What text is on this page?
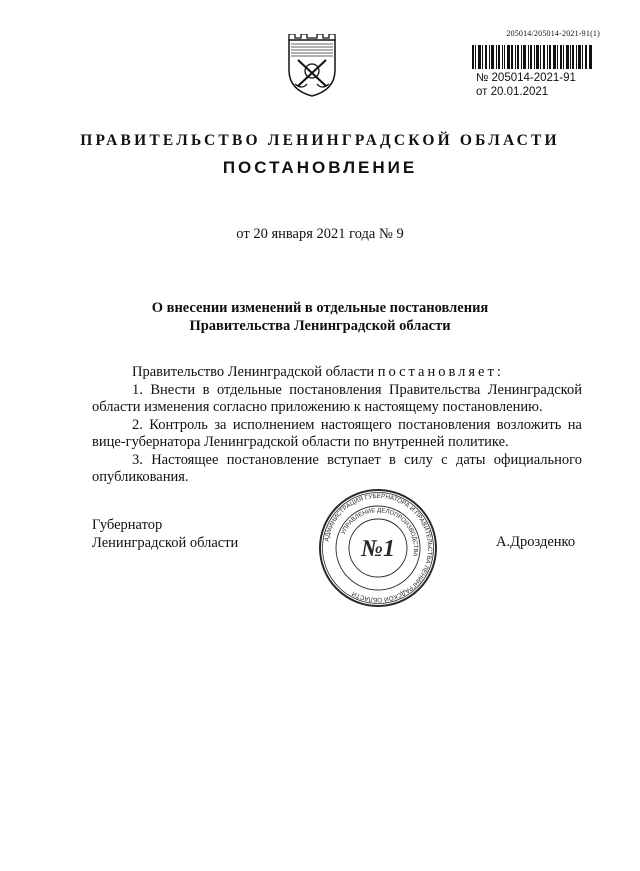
205014/205014-2021-91(1)
№ 205014-2021-91
от 20.01.2021
ПРАВИТЕЛЬСТВО ЛЕНИНГРАДСКОЙ ОБЛАСТИ
ПОСТАНОВЛЕНИЕ
от 20 января 2021 года № 9
О внесении изменений в отдельные постановления
Правительства Ленинградской области

Правительство Ленинградской области постановляет:

1. Внести в отдельные постановления Правительства Ленинградской области изменения согласно приложению к настоящему постановлению.

2. Контроль за исполнением настоящего постановления возложить на вице-губернатора Ленинградской области по внутренней политике.

3. Настоящее постановление вступает в силу с даты официального опубликования.

Губернатор
Ленинградской области	А.Дрозденко
АДМИНИСТРАЦИЯ ГУБЕРНАТОРА И ПРАВИТЕЛЬСТВА ЛЕНИНГРАДСКОЙ ОБЛАСТИ
УПРАВЛЕНИЕ ДЕЛОПРОИЗВОДСТВА
№1
